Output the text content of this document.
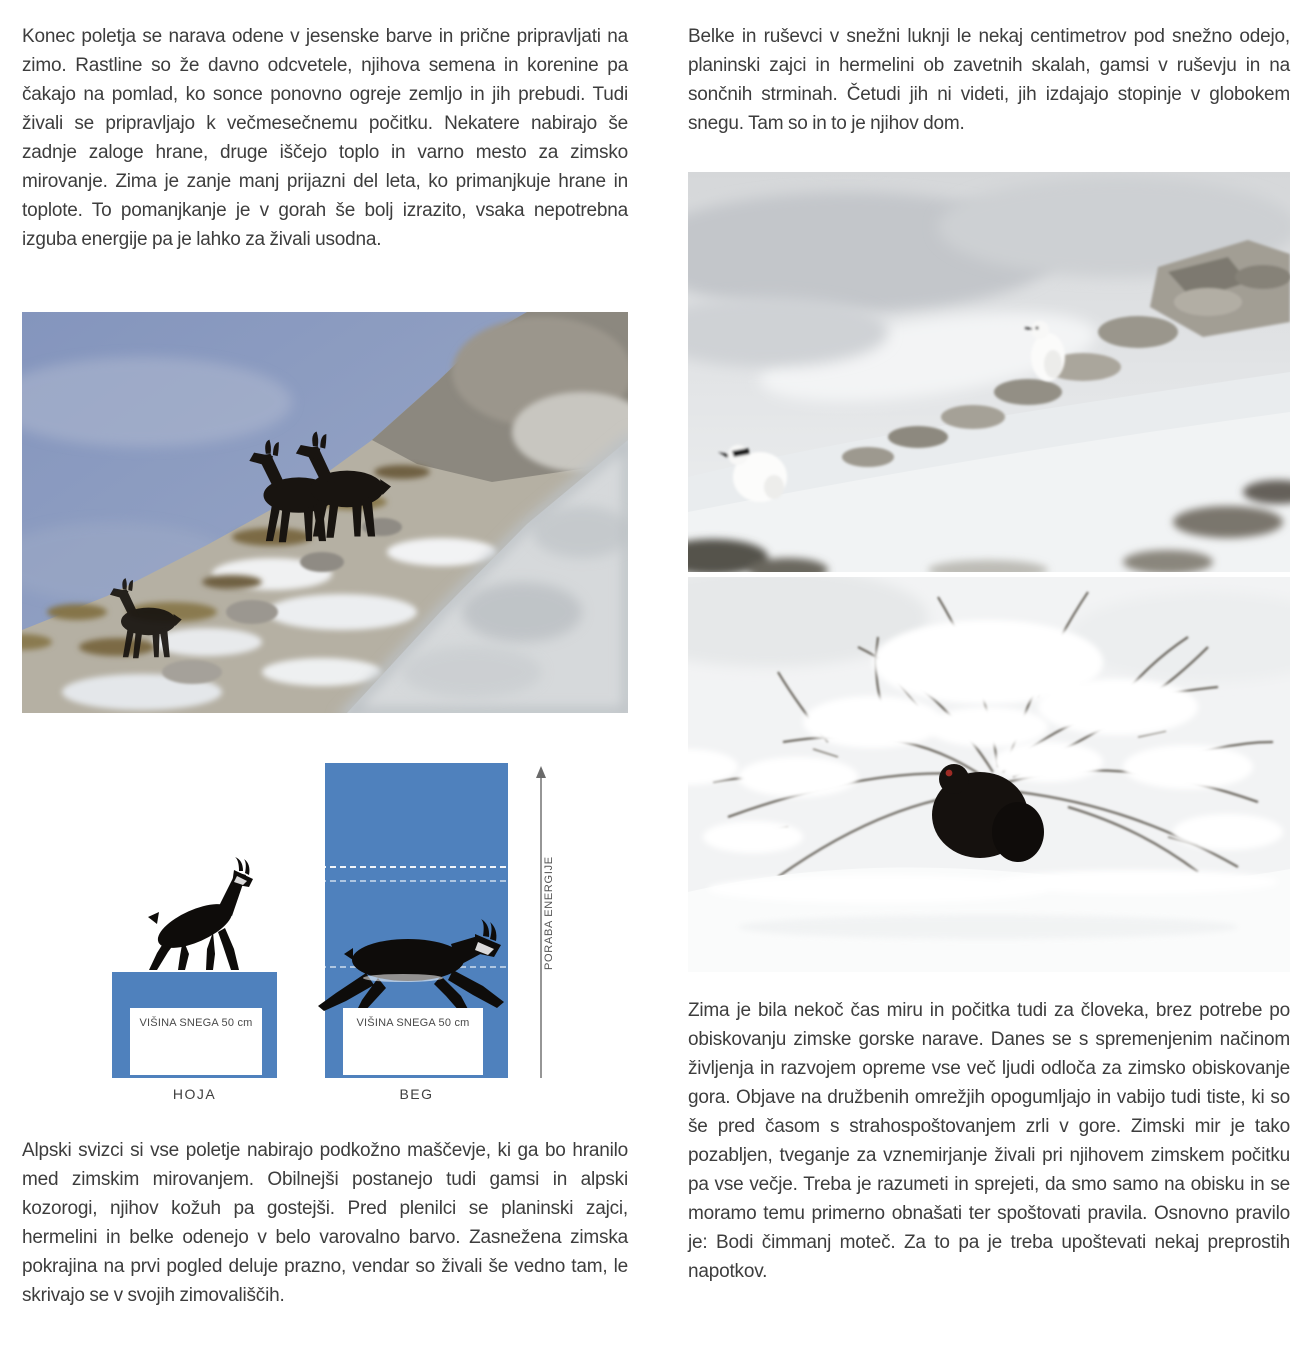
Konec poletja se narava odene v jesenske barve in prične pripravljati na zimo. Rastline so že davno odcvetele, njihova semena in korenine pa čakajo na pomlad, ko sonce ponovno ogreje zemljo in jih prebudi. Tudi živali se pripravljajo k večmesečnemu počitku. Nekatere nabirajo še zadnje zaloge hrane, druge iščejo toplo in varno mesto za zimsko mirovanje. Zima je zanje manj prijazni del leta, ko primanjkuje hrane in toplote. To pomanjkanje je v gorah še bolj izrazito, vsaka nepotrebna izguba energije pa je lahko za živali usodna.

VIŠINA SNEGA 50 cm	VIŠINA SNEGA 50 cm
HOJA	BEG
PORABA ENERGIJE

Alpski svizci si vse poletje nabirajo podkožno maščevje, ki ga bo hranilo med zimskim mirovanjem. Obilnejši postanejo tudi gamsi in alpski kozorogi, njihov kožuh pa gostejši. Pred plenilci se planinski zajci, hermelini in belke odenejo v belo varovalno barvo. Zasnežena zimska pokrajina na prvi pogled deluje prazno, vendar so živali še vedno tam, le skrivajo se v svojih zimovališčih.

Belke in ruševci v snežni luknji le nekaj centimetrov pod snežno odejo, planinski zajci in hermelini ob zavetnih skalah, gamsi v ruševju in na sončnih strminah. Četudi jih ni videti, jih izdajajo stopinje v globokem snegu. Tam so in to je njihov dom.

Zima je bila nekoč čas miru in počitka tudi za človeka, brez potrebe po obiskovanju zimske gorske narave. Danes se s spremenjenim načinom življenja in razvojem opreme vse več ljudi odloča za zimsko obiskovanje gora. Objave na družbenih omrežjih opogumljajo in vabijo tudi tiste, ki so še pred časom s strahospoštovanjem zrli v gore. Zimski mir je tako pozabljen, tveganje za vznemirjanje živali pri njihovem zimskem počitku pa vse večje. Treba je razumeti in sprejeti, da smo samo na obisku in se moramo temu primerno obnašati ter spoštovati pravila. Osnovno pravilo je: Bodi čimmanj moteč. Za to pa je treba upoštevati nekaj preprostih napotkov.
